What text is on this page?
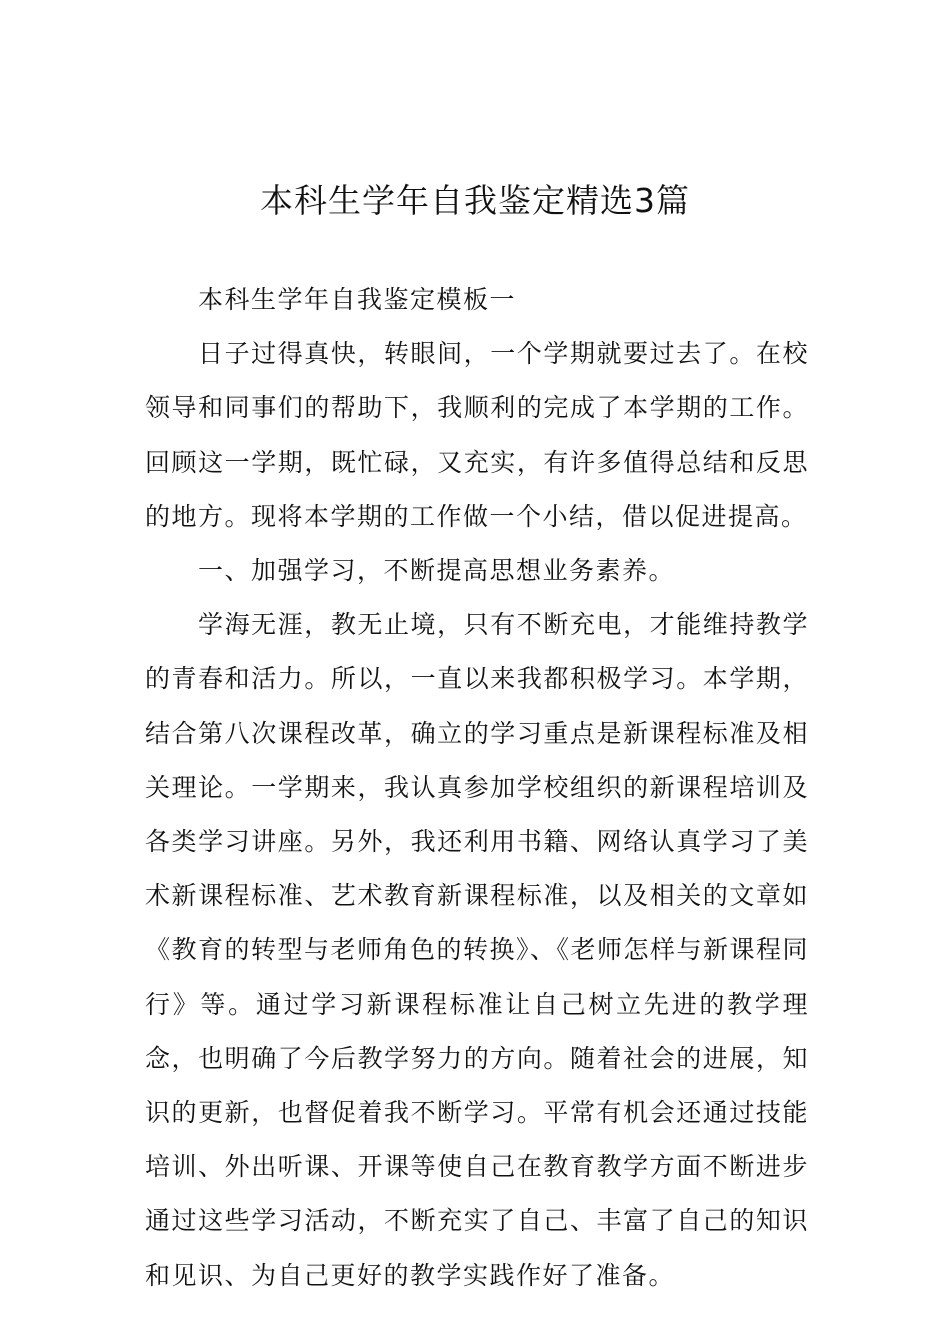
本科生学年自我鉴定精选3篇

本科生学年自我鉴定模板一

日子过得真快，转眼间，一个学期就要过去了。在校领导和同事们的帮助下，我顺利的完成了本学期的工作。回顾这一学期，既忙碌，又充实，有许多值得总结和反思的地方。现将本学期的工作做一个小结，借以促进提高。

一、加强学习，不断提高思想业务素养。

学海无涯，教无止境，只有不断充电，才能维持教学的青春和活力。所以，一直以来我都积极学习。本学期，结合第八次课程改革，确立的学习重点是新课程标准及相关理论。一学期来，我认真参加学校组织的新课程培训及各类学习讲座。另外，我还利用书籍、网络认真学习了美术新课程标准、艺术教育新课程标准，以及相关的文章如《教育的转型与老师角色的转换》、《老师怎样与新课程同行》等。通过学习新课程标准让自己树立先进的教学理念，也明确了今后教学努力的方向。随着社会的进展，知识的更新，也督促着我不断学习。平常有机会还通过技能培训、外出听课、开课等使自己在教育教学方面不断进步通过这些学习活动，不断充实了自己、丰富了自己的知识和见识、为自己更好的教学实践作好了准备。
